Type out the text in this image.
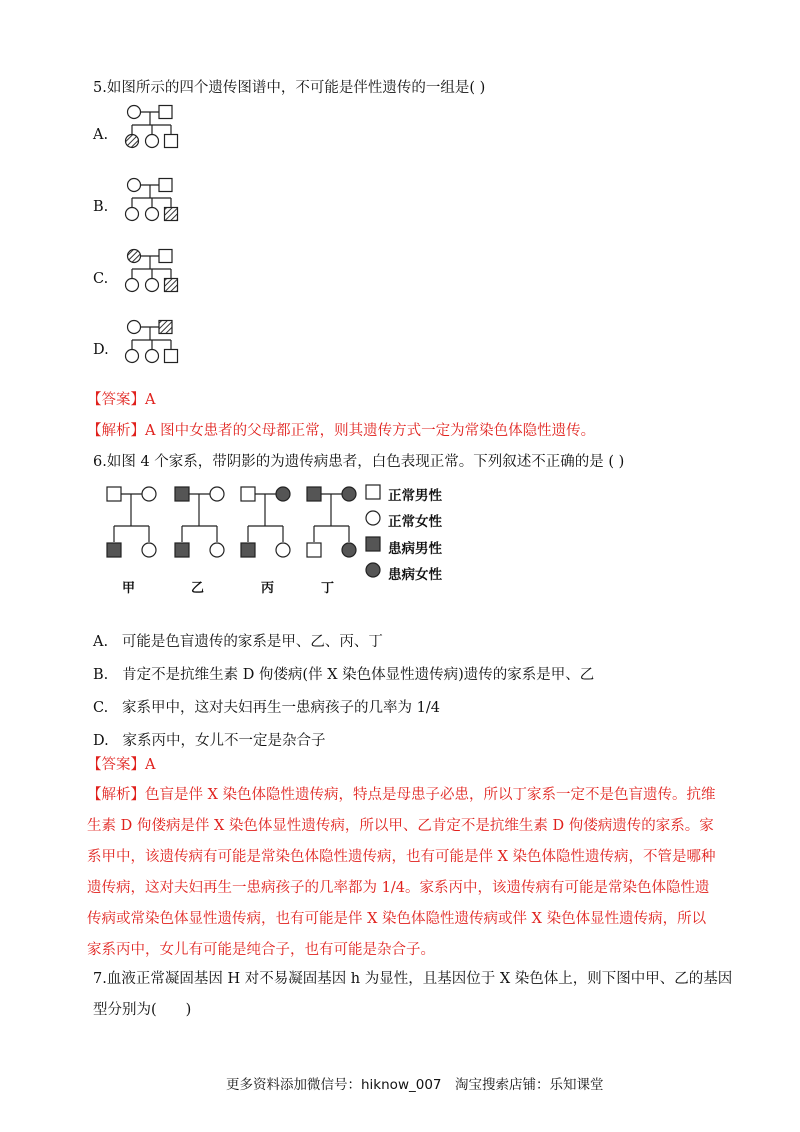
5.如图所示的四个遗传图谱中，不可能是伴性遗传的一组是( )
A.
B.
C.
D.
【答案】A
【解析】A 图中女患者的父母都正常，则其遗传方式一定为常染色体隐性遗传。
6.如图 4 个家系，带阴影的为遗传病患者，白色表现正常。下列叙述不正确的是 ( )
甲	乙	丙	丁
正常男性
正常女性
患病男性
患病女性
A. 可能是色盲遗传的家系是甲、乙、丙、丁
B. 肯定不是抗维生素 D 佝偻病(伴 X 染色体显性遗传病)遗传的家系是甲、乙
C. 家系甲中，这对夫妇再生一患病孩子的几率为 1/4
D. 家系丙中，女儿不一定是杂合子
【答案】A
【解析】色盲是伴 X 染色体隐性遗传病，特点是母患子必患，所以丁家系一定不是色盲遗传。抗维
生素 D 佝偻病是伴 X 染色体显性遗传病，所以甲、乙肯定不是抗维生素 D 佝偻病遗传的家系。家
系甲中，该遗传病有可能是常染色体隐性遗传病，也有可能是伴 X 染色体隐性遗传病，不管是哪种
遗传病，这对夫妇再生一患病孩子的几率都为 1/4。家系丙中，该遗传病有可能是常染色体隐性遗
传病或常染色体显性遗传病，也有可能是伴 X 染色体隐性遗传病或伴 X 染色体显性遗传病，所以
家系丙中，女儿有可能是纯合子，也有可能是杂合子。
7.血液正常凝固基因 H 对不易凝固基因 h 为显性，且基因位于 X 染色体上，则下图中甲、乙的基因
型分别为(　　)
更多资料添加微信号：hiknow_007　淘宝搜索店铺：乐知课堂
